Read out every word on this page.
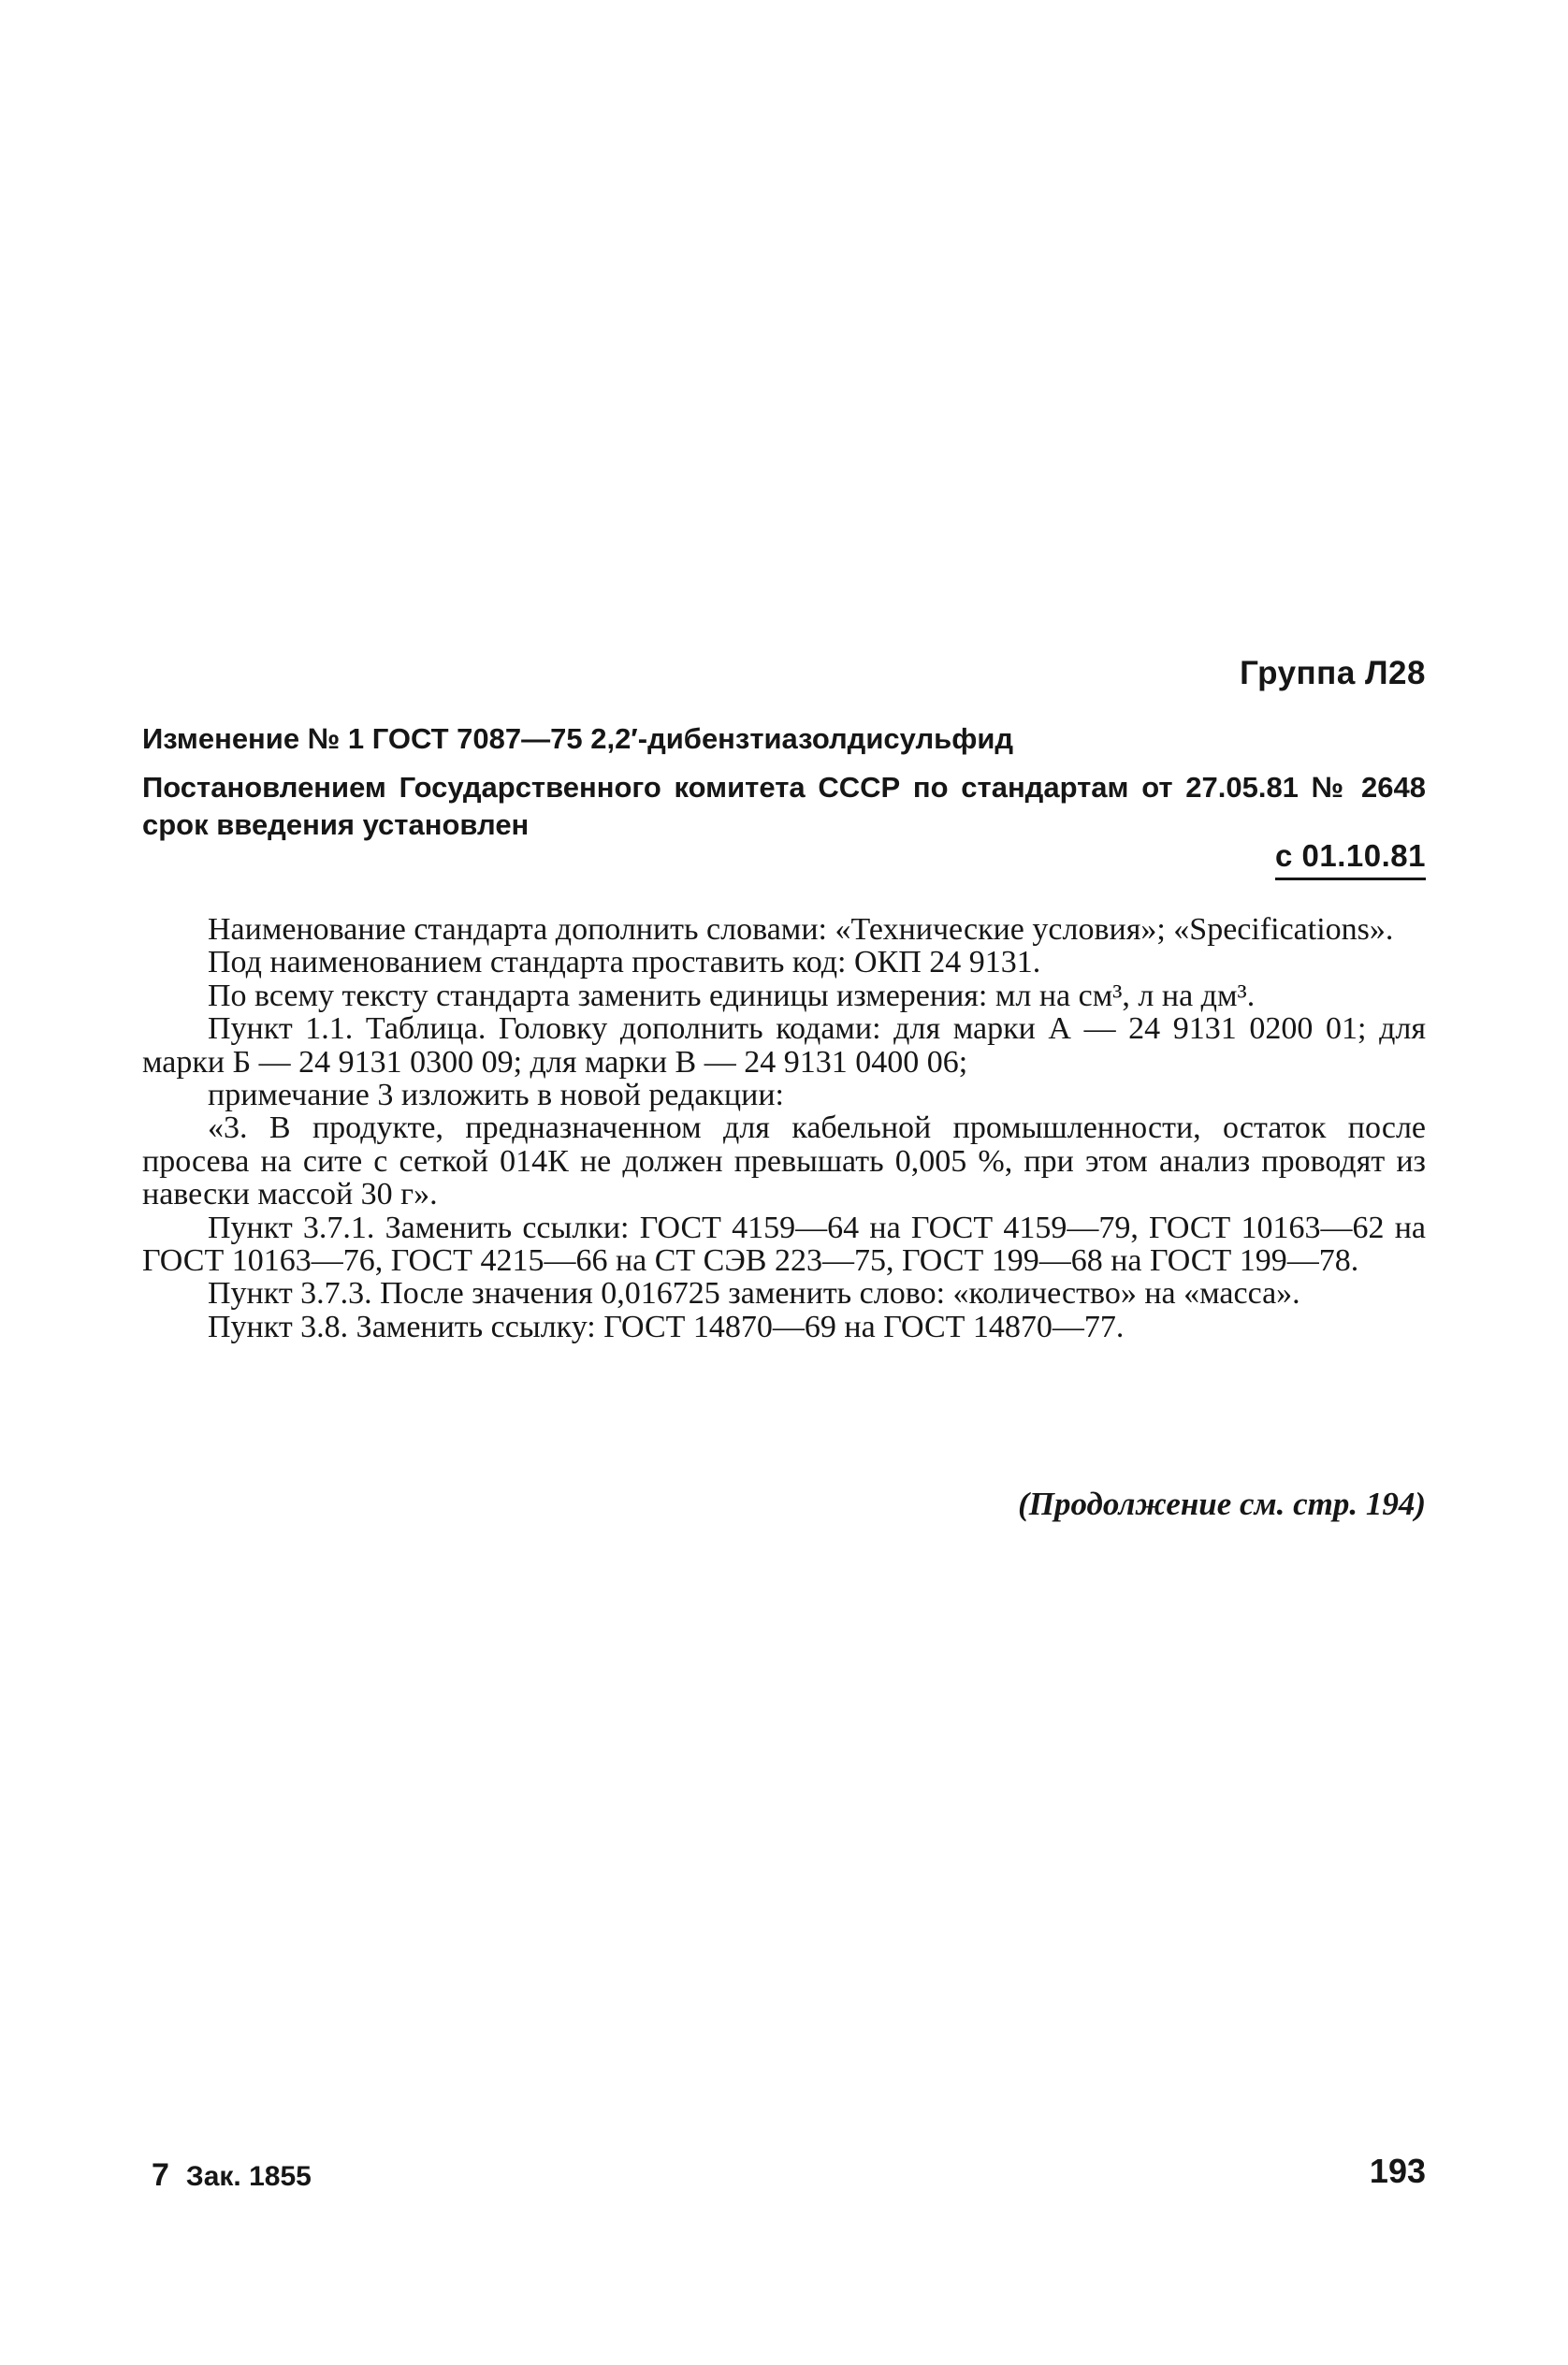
Группа Л28
Изменение № 1 ГОСТ 7087—75 2,2′-дибензтиазолдисульфид
Постановлением Государственного комитета СССР по стандартам от 27.05.81 № 2648 срок введения установлен
с 01.10.81

Наименование стандарта дополнить словами: «Технические условия»; «Specifications».

Под наименованием стандарта проставить код: ОКП 24 9131.

По всему тексту стандарта заменить единицы измерения: мл на см³, л на дм³.

Пункт 1.1. Таблица. Головку дополнить кодами: для марки А — 24 9131 0200 01; для марки Б — 24 9131 0300 09; для марки В — 24 9131 0400 06;

примечание 3 изложить в новой редакции:

«3. В продукте, предназначенном для кабельной промышленности, остаток после просева на сите с сеткой 014К не должен превышать 0,005 %, при этом анализ проводят из навески массой 30 г».

Пункт 3.7.1. Заменить ссылки: ГОСТ 4159—64 на ГОСТ 4159—79, ГОСТ 10163—62 на ГОСТ 10163—76, ГОСТ 4215—66 на СТ СЭВ 223—75, ГОСТ 199—68 на ГОСТ 199—78.

Пункт 3.7.3. После значения 0,016725 заменить слово: «количество» на «масса».

Пункт 3.8. Заменить ссылку: ГОСТ 14870—69 на ГОСТ 14870—77.

(Продолжение см. стр. 194)
7 Зак. 1855	193
